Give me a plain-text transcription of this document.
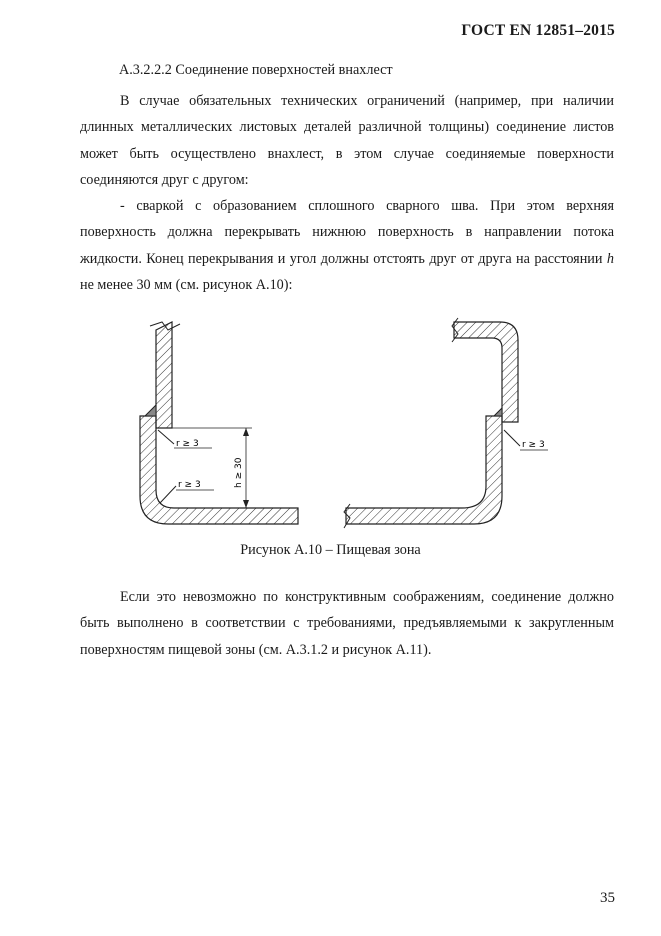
ГОСТ EN 12851–2015
А.3.2.2.2 Соединение поверхностей внахлест

В случае обязательных технических ограничений (например, при наличии длинных металлических листовых деталей различной толщины) соединение листов может быть осуществлено внахлест, в этом случае соединяемые поверхности соединяются друг с другом:

- сваркой с образованием сплошного сварного шва. При этом верхняя поверхность должна перекрывать нижнюю поверхность в направлении потока жидкости. Конец перекрывания и угол должны отстоять друг от друга на расстоянии h не менее 30 мм (см. рисунок А.10):

r ≥ 3
r ≥ 3	h ≥ 30
r ≥ 3
Рисунок А.10 – Пищевая зона

Если это невозможно по конструктивным соображениям, соединение должно быть выполнено в соответствии с требованиями, предъявляемыми к закругленным поверхностям пищевой зоны (см. А.3.1.2 и рисунок А.11).

35
